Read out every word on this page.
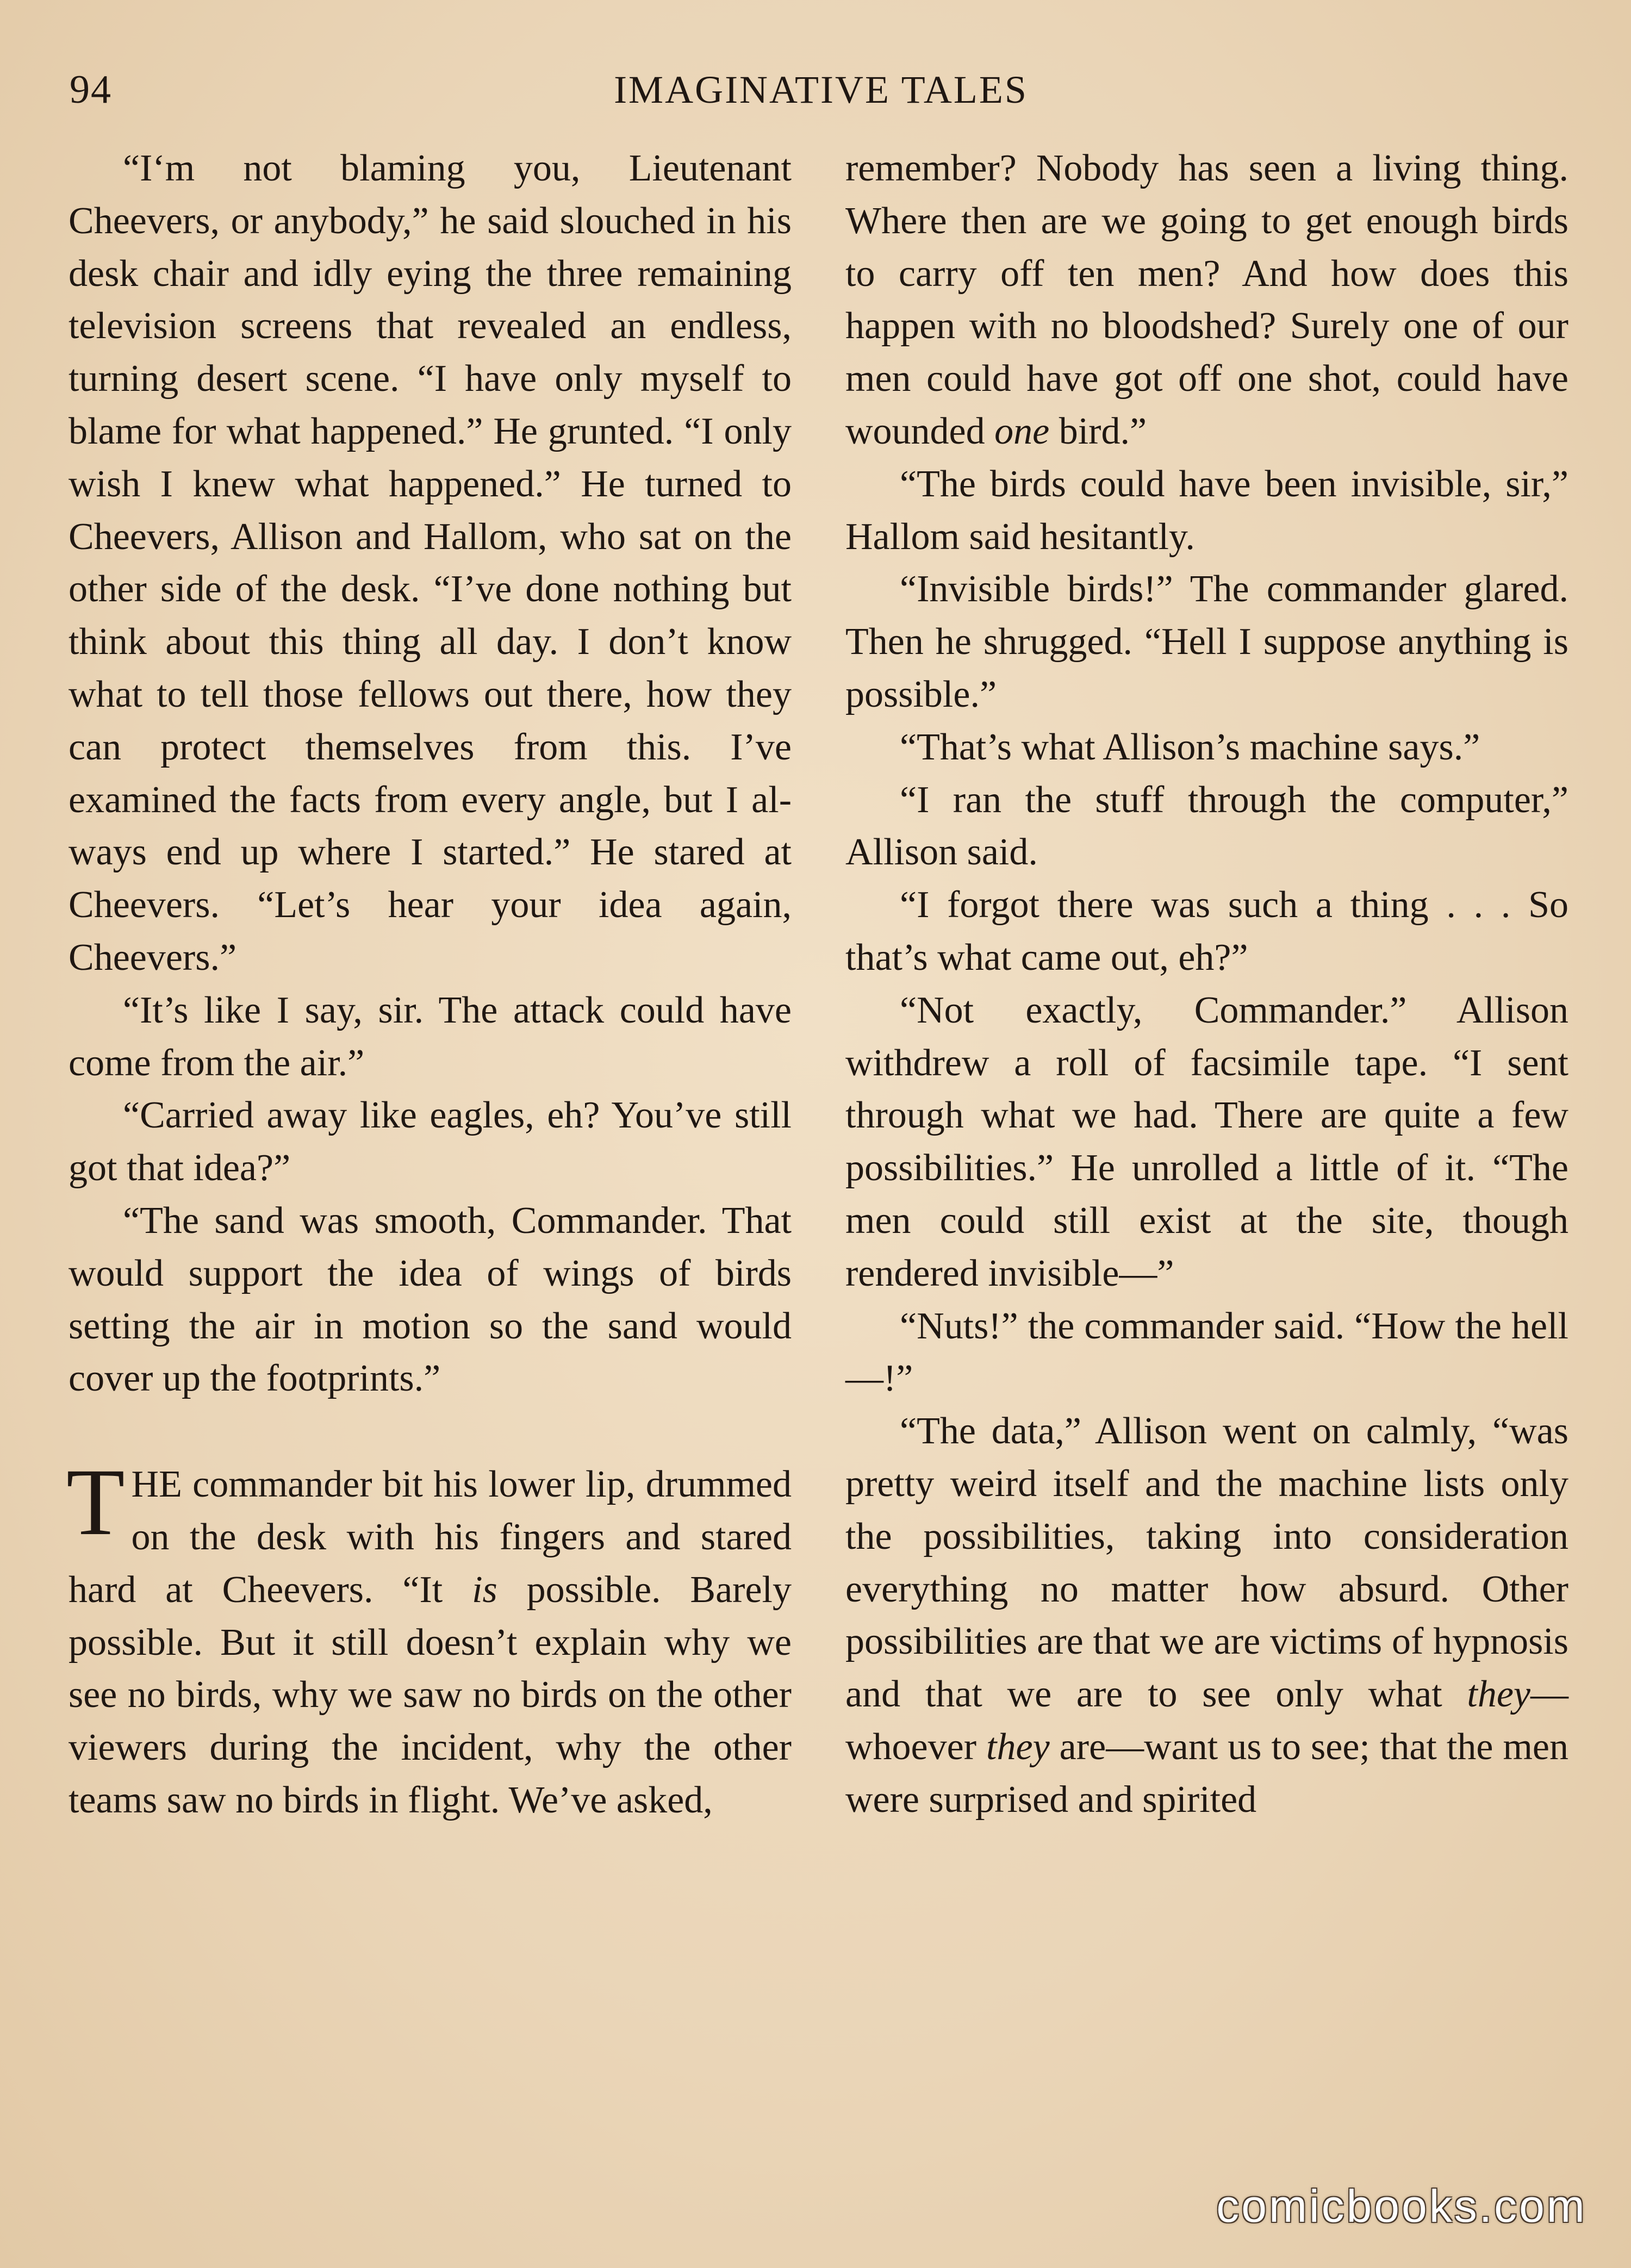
94	IMAGINATIVE TALES

“I‘m not blaming you, Lieutenant Cheevers, or anybody,” he said slouched in his desk chair and idly eying the three remaining television screens that revealed an endless, turning desert scene. “I have only myself to blame for what happened.” He grunted. “I only wish I knew what happened.” He turned to Cheevers, Allison and Hallom, who sat on the other side of the desk. “I’ve done nothing but think about this thing all day. I don’t know what to tell those fellows out there, how they can protect themselves from this. I’ve examined the facts from every angle, but I always end up where I started.” He stared at Cheevers. “Let’s hear your idea again, Cheevers.”

“It’s like I say, sir. The attack could have come from the air.”

“Carried away like eagles, eh? You’ve still got that idea?”

“The sand was smooth, Commander. That would support the idea of wings of birds setting the air in motion so the sand would cover up the footprints.”

THE commander bit his lower lip, drummed on the desk with his fingers and stared hard at Cheevers. “It is possible. Barely possible. But it still doesn’t explain why we see no birds, why we saw no birds on the other viewers during the incident, why the other teams saw no birds in flight. We’ve asked,

remember? Nobody has seen a living thing. Where then are we going to get enough birds to carry off ten men? And how does this happen with no bloodshed? Surely one of our men could have got off one shot, could have wounded one bird.”

“The birds could have been invisible, sir,” Hallom said hesitantly.

“Invisible birds!” The commander glared. Then he shrugged. “Hell I suppose anything is possible.”

“That’s what Allison’s machine says.”

“I ran the stuff through the computer,” Allison said.

“I forgot there was such a thing . . . So that’s what came out, eh?”

“Not exactly, Commander.” Allison withdrew a roll of facsimile tape. “I sent through what we had. There are quite a few possibilities.” He unrolled a little of it. “The men could still exist at the site, though rendered invisible—”

“Nuts!” the commander said. “How the hell—!”

“The data,” Allison went on calmly, “was pretty weird itself and the machine lists only the possibilities, taking into consideration everything no matter how absurd. Other possibilities are that we are victims of hypnosis and that we are to see only what they—whoever they are—want us to see; that the men were surprised and spirited

comicbooks.com
